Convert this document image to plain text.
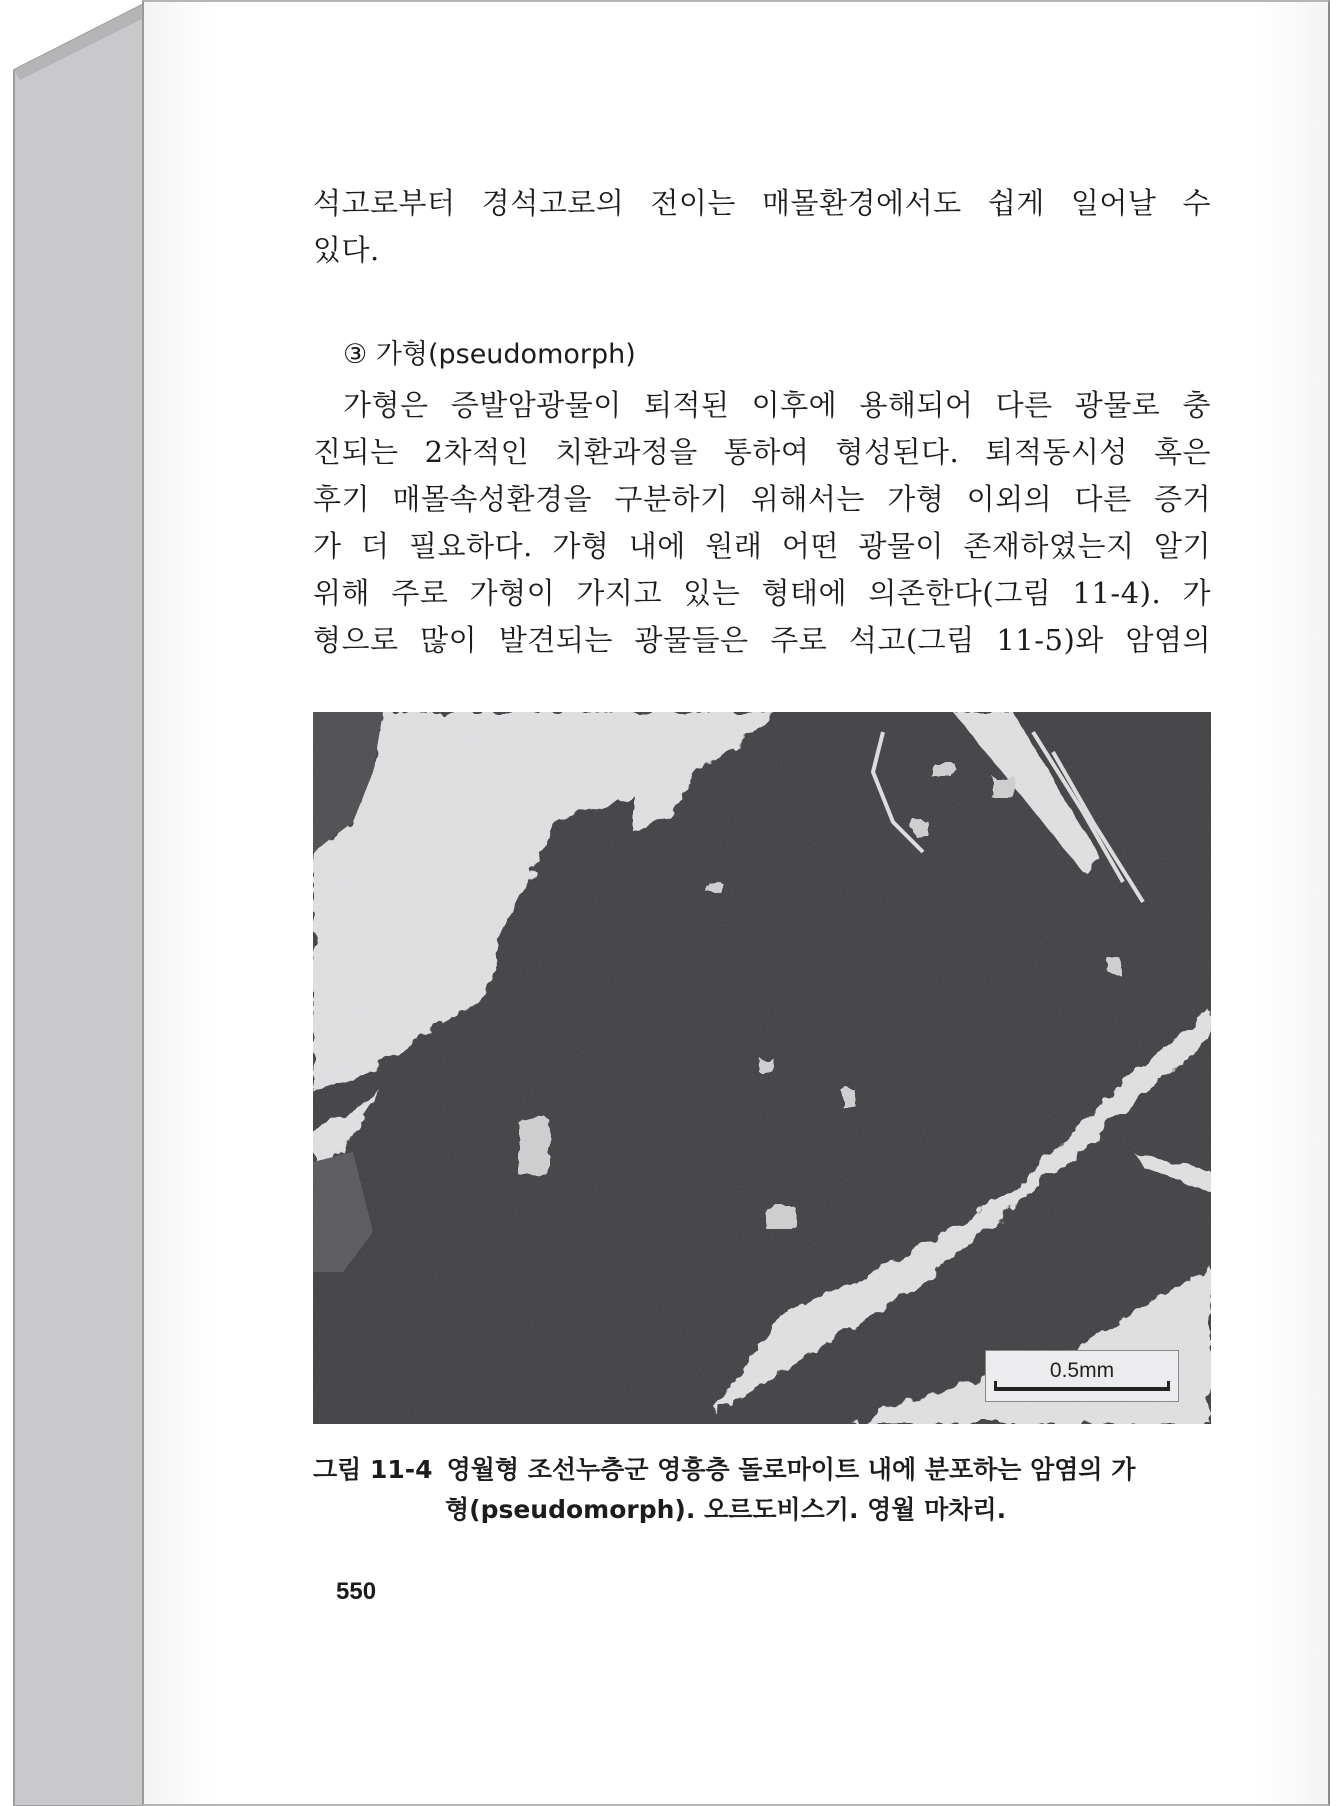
석고로부터 경석고로의 전이는 매몰환경에서도 쉽게 일어날 수
있다.

③ 가형(pseudomorph)

가형은 증발암광물이 퇴적된 이후에 용해되어 다른 광물로 충
진되는 2차적인 치환과정을 통하여 형성된다. 퇴적동시성 혹은
후기 매몰속성환경을 구분하기 위해서는 가형 이외의 다른 증거
가 더 필요하다. 가형 내에 원래 어떤 광물이 존재하였는지 알기
위해 주로 가형이 가지고 있는 형태에 의존한다(그림 11-4). 가
형으로 많이 발견되는 광물들은 주로 석고(그림 11-5)와 암염의

0.5mm
그림 11-4 영월형 조선누층군 영흥층 돌로마이트 내에 분포하는 암염의 가
형(pseudomorph). 오르도비스기. 영월 마차리.
550
